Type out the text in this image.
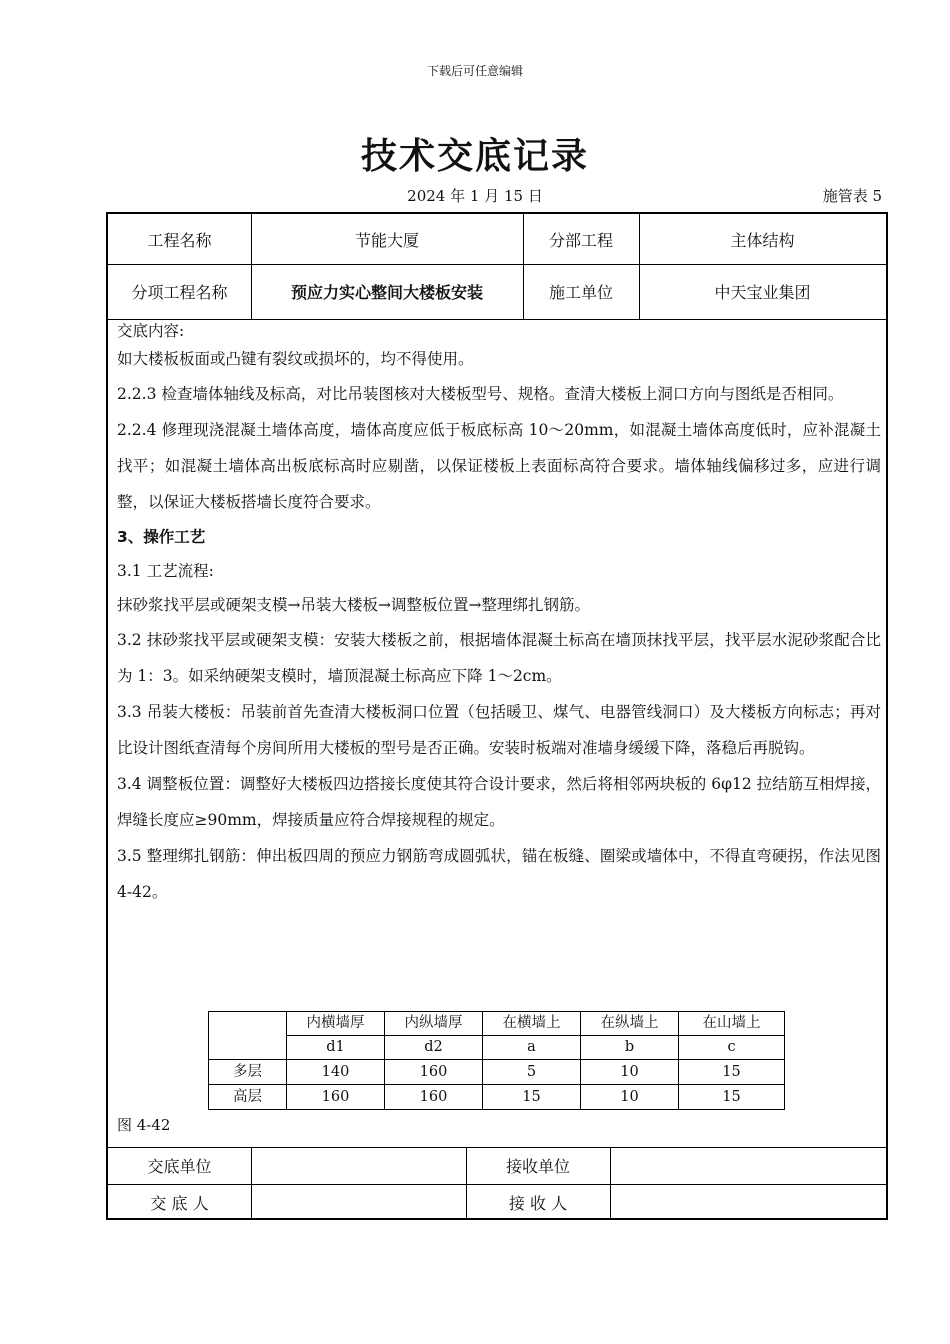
下载后可任意编辑
技术交底记录
2024 年 1 月 15 日	施管表 5
工程名称	节能大厦	分部工程	主体结构
分项工程名称	预应力实心整间大楼板安装	施工单位	中天宝业集团

交底内容:

如大楼板板面或凸键有裂纹或损坏的，均不得使用。

2.2.3 检查墙体轴线及标高，对比吊装图核对大楼板型号、规格。查清大楼板上洞口方向与图纸是否相同。

2.2.4 修理现浇混凝土墙体高度，墙体高度应低于板底标高 10～20mm，如混凝土墙体高度低时，应补混凝土找平；如混凝土墙体高出板底标高时应剔凿，以保证楼板上表面标高符合要求。墙体轴线偏移过多，应进行调整，以保证大楼板搭墙长度符合要求。

3、操作工艺

3.1 工艺流程:

抹砂浆找平层或硬架支模→吊装大楼板→调整板位置→整理绑扎钢筋。

3.2 抹砂浆找平层或硬架支模：安装大楼板之前，根据墙体混凝土标高在墙顶抹找平层，找平层水泥砂浆配合比为 1：3。如采纳硬架支模时，墙顶混凝土标高应下降 1～2cm。

3.3 吊装大楼板：吊装前首先查清大楼板洞口位置（包括暖卫、煤气、电器管线洞口）及大楼板方向标志；再对比设计图纸查清每个房间所用大楼板的型号是否正确。安装时板端对准墙身缓缓下降，落稳后再脱钩。

3.4 调整板位置：调整好大楼板四边搭接长度使其符合设计要求，然后将相邻两块板的 6φ12 拉结筋互相焊接，焊缝长度应≥90mm，焊接质量应符合焊接规程的规定。

3.5 整理绑扎钢筋：伸出板四周的预应力钢筋弯成圆弧状，锚在板缝、圈梁或墙体中，不得直弯硬拐，作法见图 4-42。

	内横墙厚	内纵墙厚	在横墙上	在纵墙上	在山墙上
	d1	d2	a	b	c
多层	140	160	5	10	15
高层	160	160	15	10	15
图 4-42
交底单位	接收单位
交 底 人	接 收 人
